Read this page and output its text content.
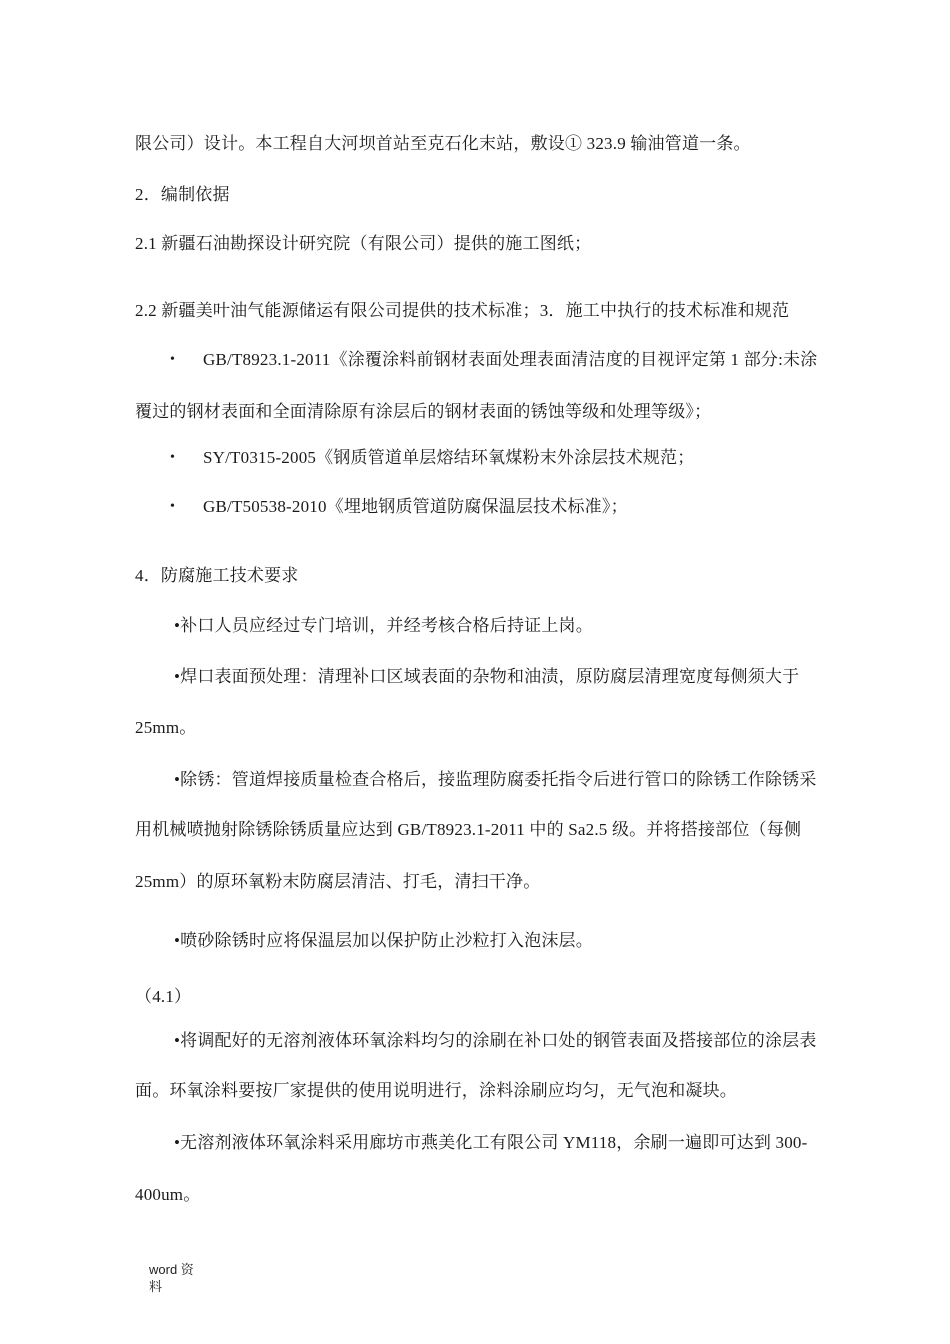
限公司）设计。本工程自大河坝首站至克石化末站，敷设① 323.9 输油管道一条。
2．编制依据
2.1 新疆石油勘探设计研究院（有限公司）提供的施工图纸；
2.2 新疆美叶油气能源储运有限公司提供的技术标准；3．施工中执行的技术标准和规范
• GB/T8923.1-2011《涂覆涂料前钢材表面处理表面清洁度的目视评定第 1 部分:未涂
覆过的钢材表面和全面清除原有涂层后的钢材表面的锈蚀等级和处理等级》；
• SY/T0315-2005《钢质管道单层熔结环氧煤粉末外涂层技术规范；
• GB/T50538-2010《埋地钢质管道防腐保温层技术标准》；
4．防腐施工技术要求
•补口人员应经过专门培训，并经考核合格后持证上岗。
•焊口表面预处理：清理补口区域表面的杂物和油渍，原防腐层清理宽度每侧须大于
25mm。
•除锈：管道焊接质量检查合格后，接监理防腐委托指令后进行管口的除锈工作除锈采
用机械喷抛射除锈除锈质量应达到 GB/T8923.1-2011 中的 Sa2.5 级。并将搭接部位（每侧
25mm）的原环氧粉末防腐层清洁、打毛，清扫干净。
•喷砂除锈时应将保温层加以保护防止沙粒打入泡沫层。
（4.1）
•将调配好的无溶剂液体环氧涂料均匀的涂刷在补口处的钢管表面及搭接部位的涂层表
面。环氧涂料要按厂家提供的使用说明进行，涂料涂刷应均匀，无气泡和凝块。
•无溶剂液体环氧涂料采用廊坊市燕美化工有限公司 YM118，余刷一遍即可达到 300-
400um。
word 资
料
